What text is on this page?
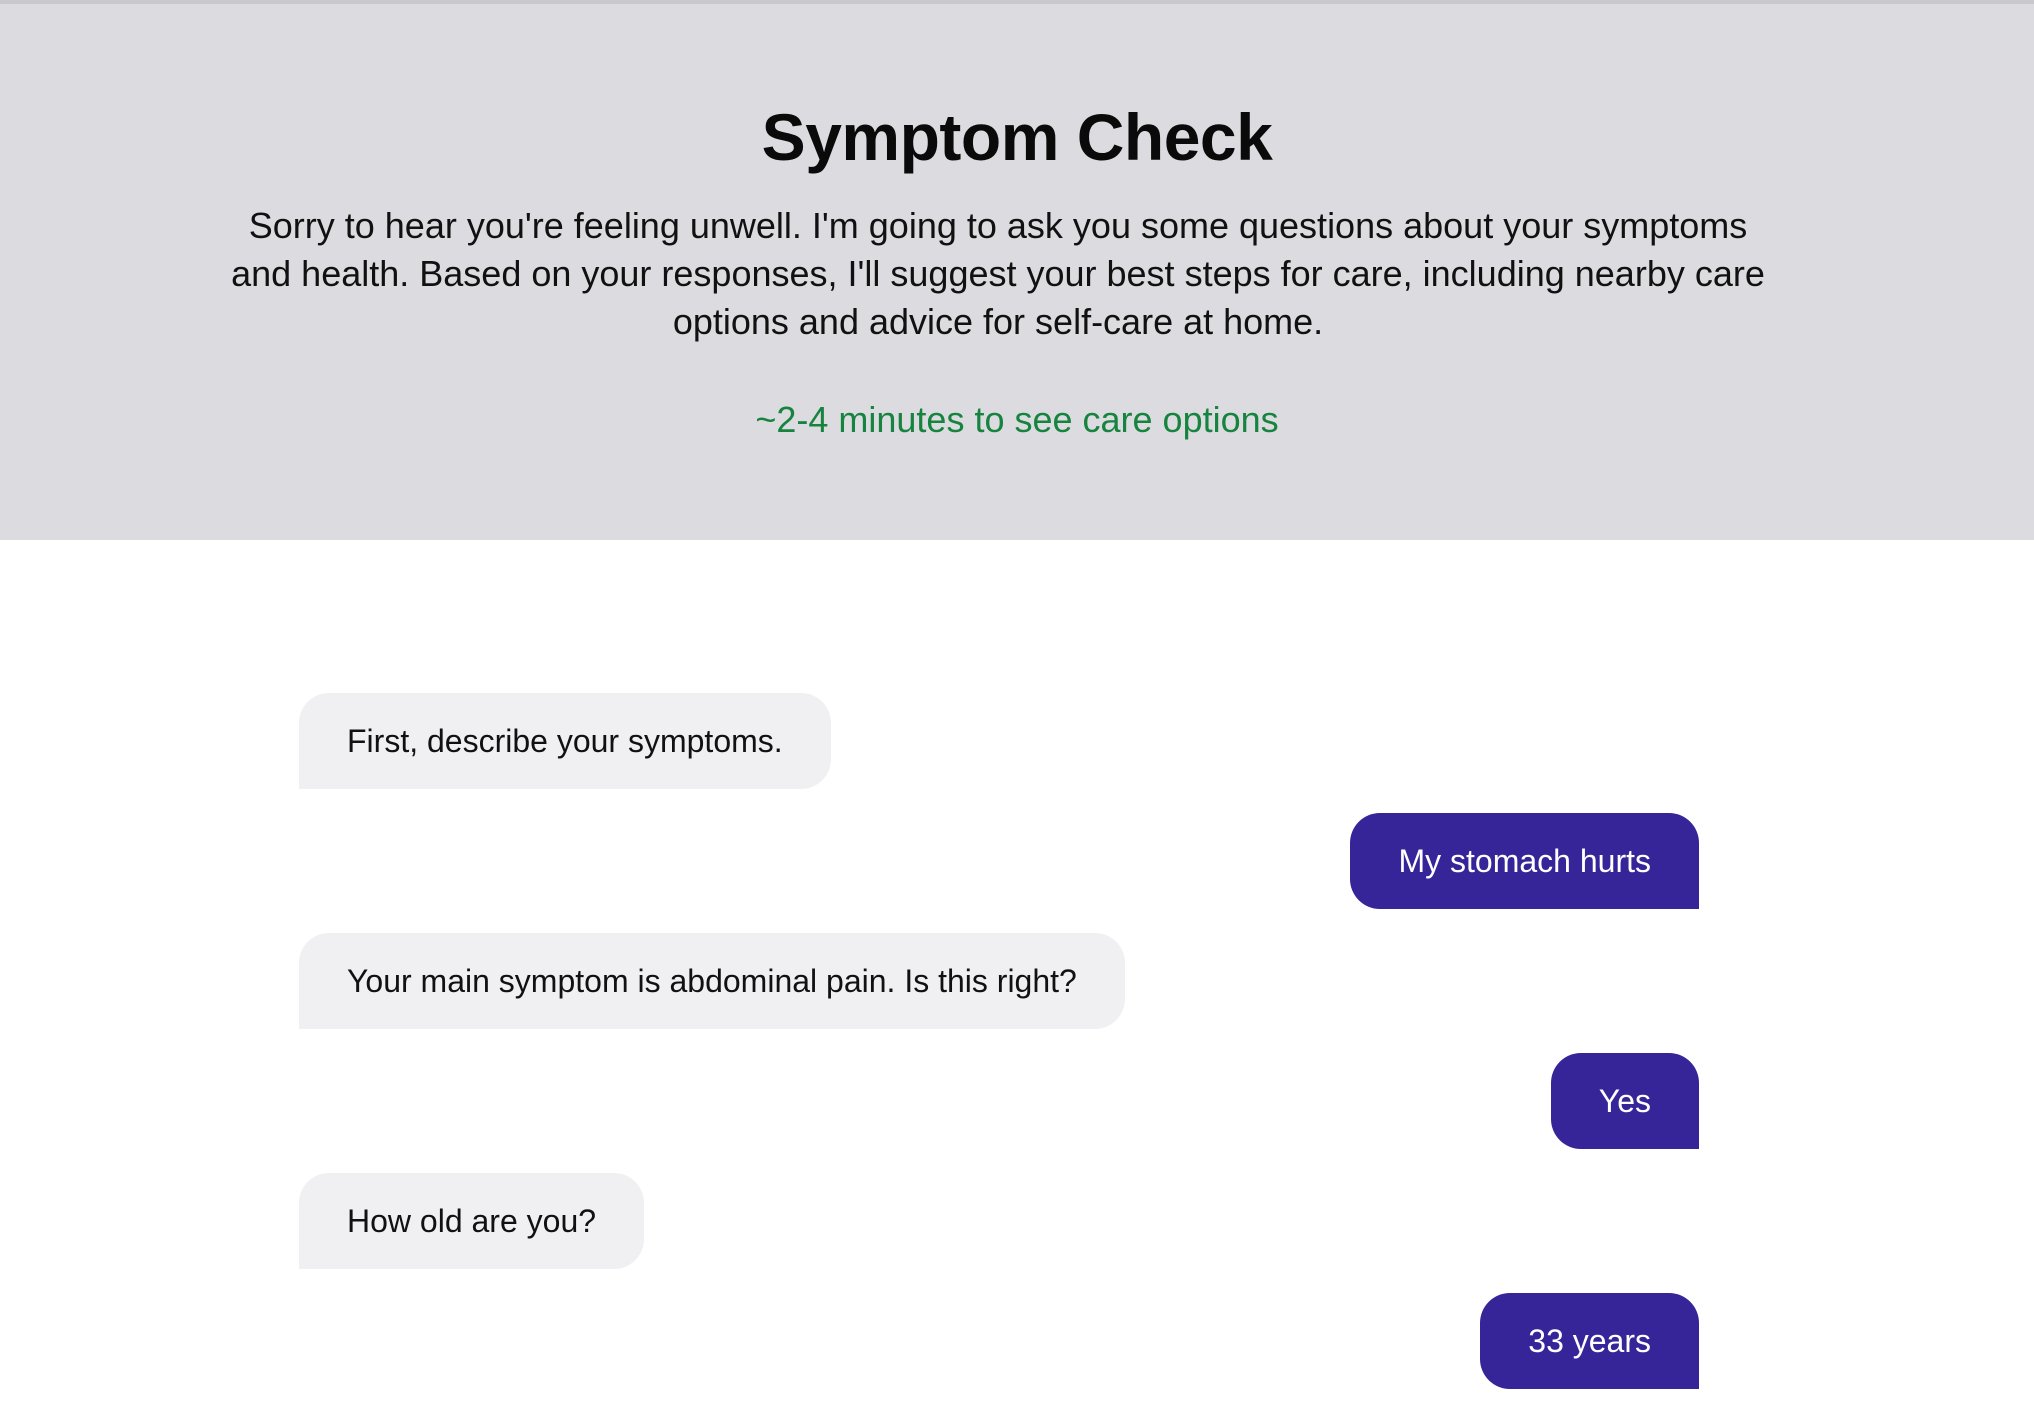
Symptom Check

Sorry to hear you're feeling unwell. I'm going to ask you some questions about your symptoms and health. Based on your responses, I'll suggest your best steps for care, including nearby care options and advice for self-care at home.

~2-4 minutes to see care options

First, describe your symptoms.
My stomach hurts
Your main symptom is abdominal pain. Is this right?
Yes
How old are you?
33 years
